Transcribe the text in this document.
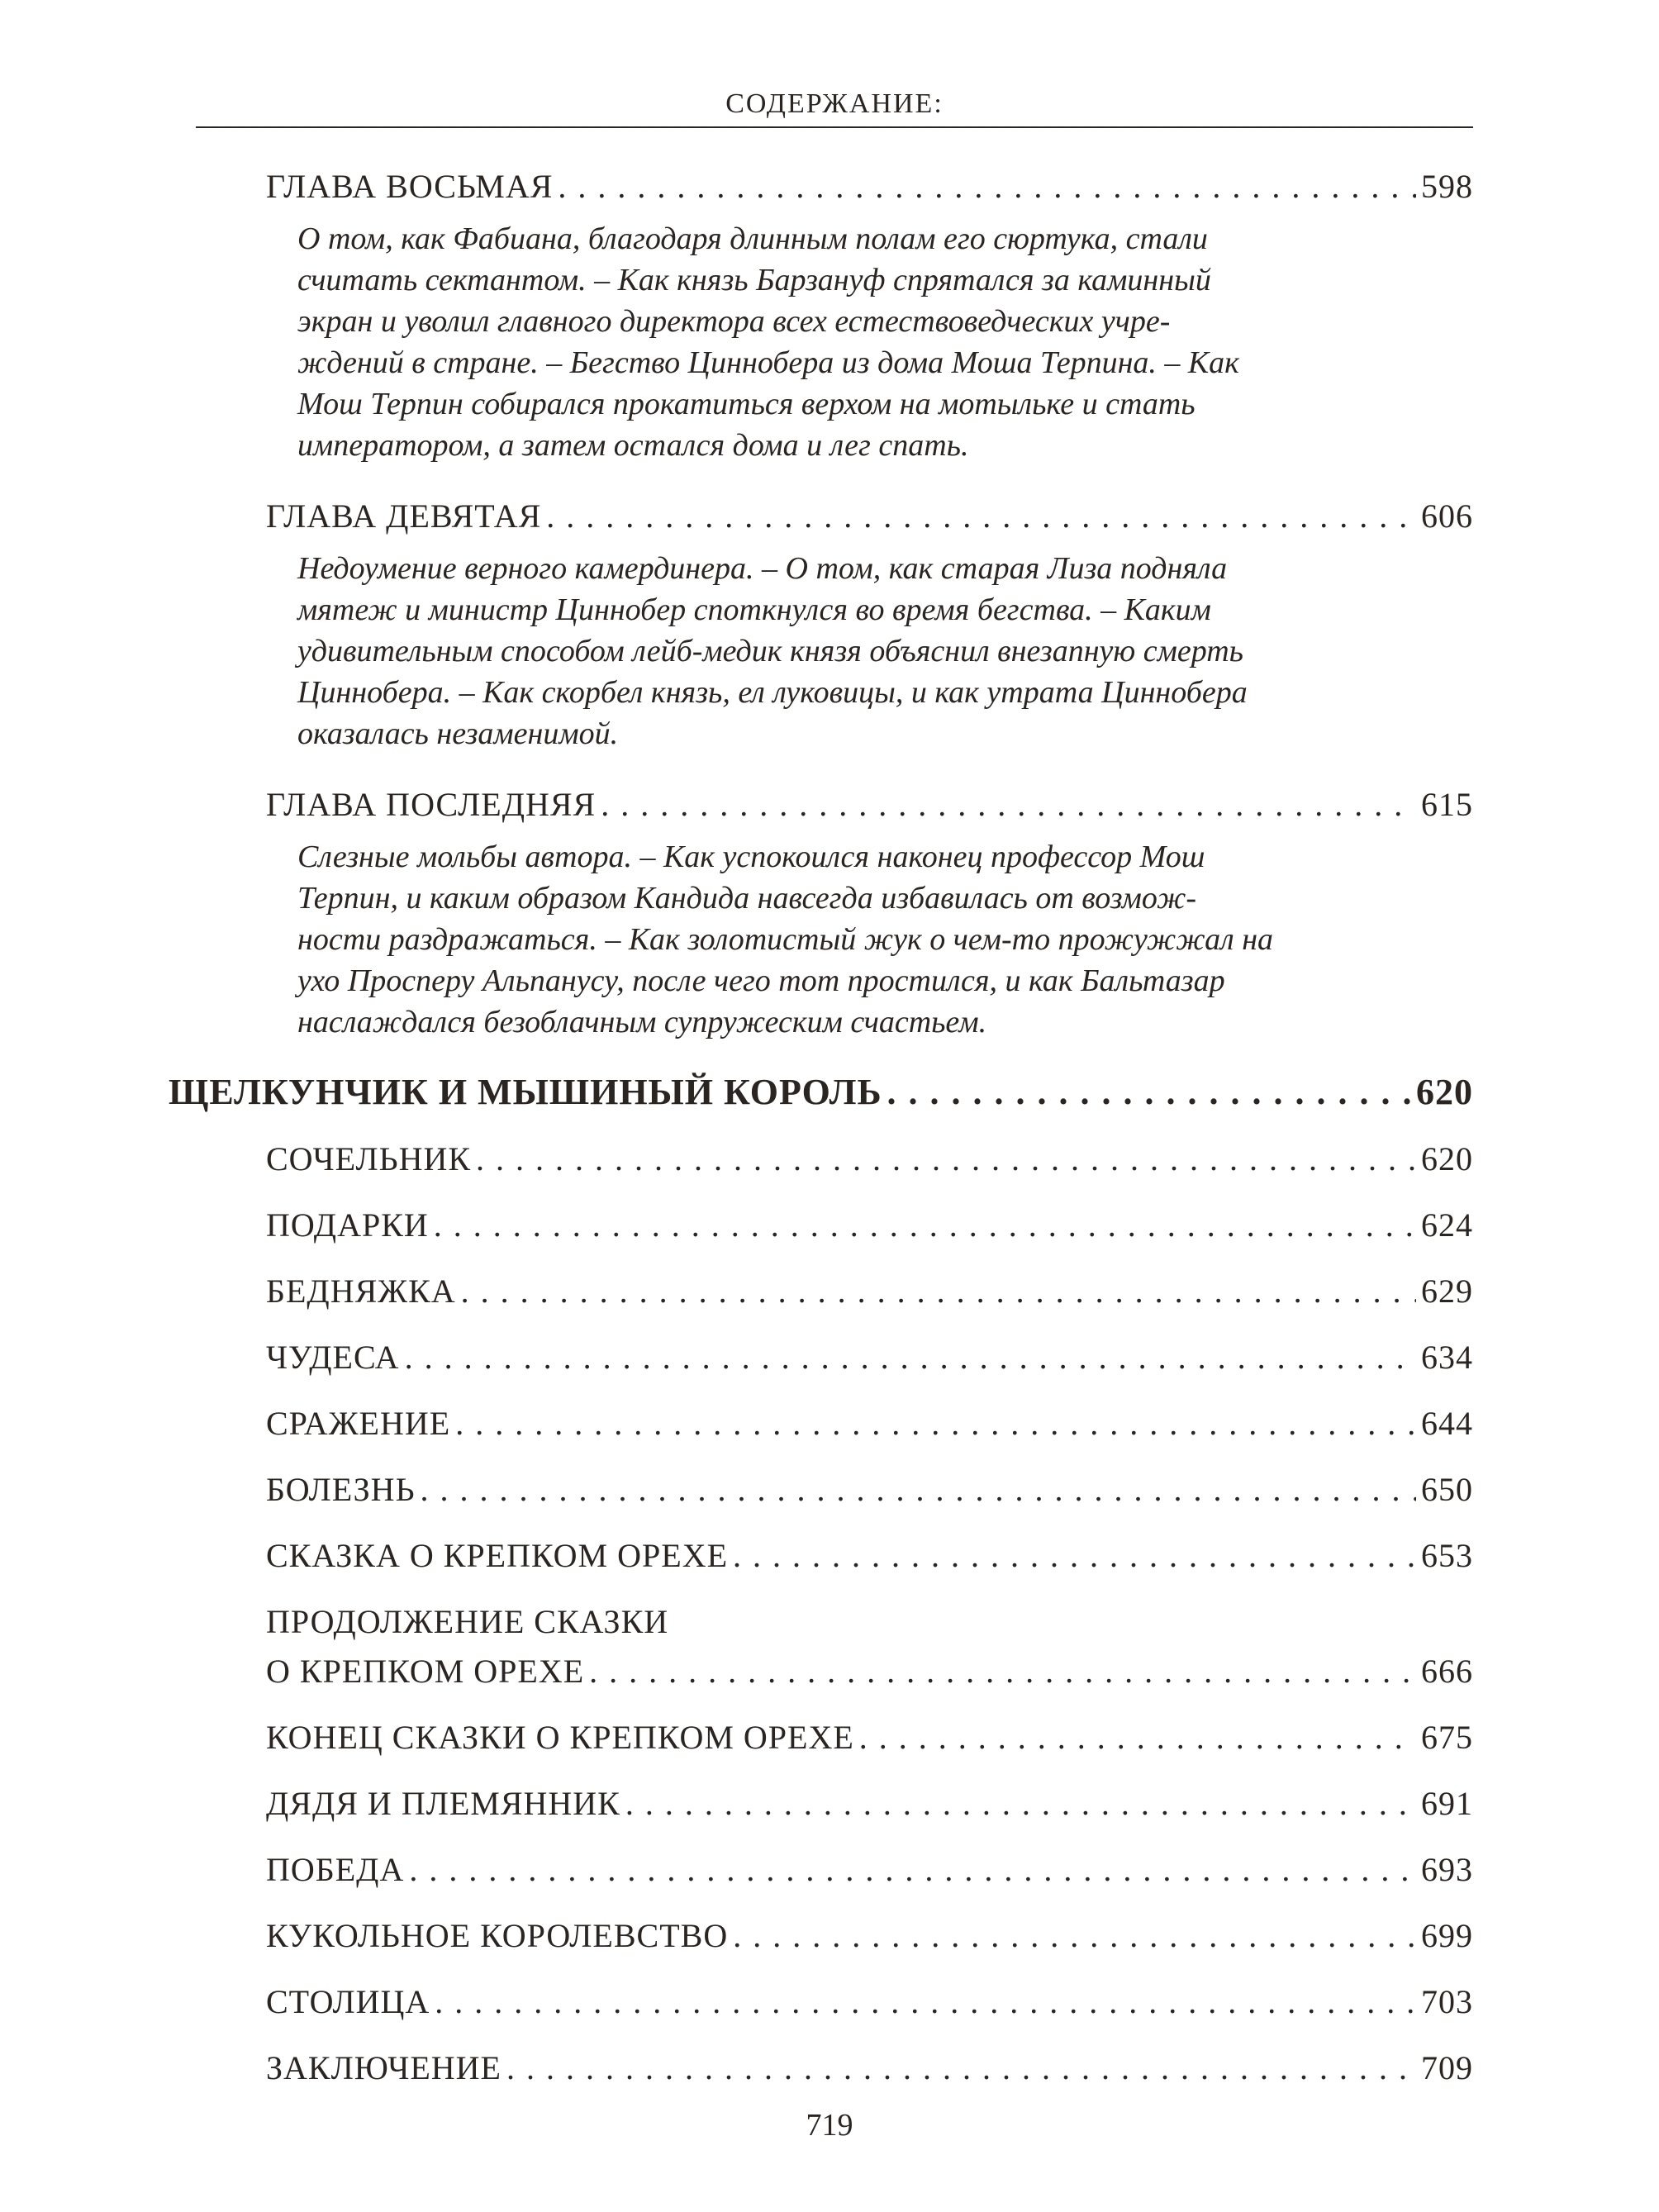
СОДЕРЖАНИЕ:
ГЛАВА ВОСЬМАЯ . . .	598
О том, как Фабиана, благодаря длинным полам его сюртука, стали
считать сектантом. – Как князь Барзануф спрятался за каминный
экран и уволил главного директора всех естествоведческих учре-
ждений в стране. – Бегство Циннобера из дома Моша Терпина. – Как
Мош Терпин собирался прокатиться верхом на мотыльке и стать
императором, а затем остался дома и лег спать.
ГЛАВА ДЕВЯТАЯ . . .	606
Недоумение верного камердинера. – О том, как старая Лиза подняла
мятеж и министр Циннобер споткнулся во время бегства. – Каким
удивительным способом лейб-медик князя объяснил внезапную смерть
Циннобера. – Как скорбел князь, ел луковицы, и как утрата Циннобера
оказалась незаменимой.
ГЛАВА ПОСЛЕДНЯЯ . . .	615
Слезные мольбы автора. – Как успокоился наконец профессор Мош
Терпин, и каким образом Кандида навсегда избавилась от возмож-
ности раздражаться. – Как золотистый жук о чем-то прожужжал на
ухо Просперу Альпанусу, после чего тот простился, и как Бальтазар
наслаждался безоблачным супружеским счастьем.
ЩЕЛКУНЧИК И МЫШИНЫЙ КОРОЛЬ . . .	620
СОЧЕЛЬНИК . . .	620
ПОДАРКИ . . .	624
БЕДНЯЖКА . . .	629
ЧУДЕСА . . .	634
СРАЖЕНИЕ . . .	644
БОЛЕЗНЬ . . .	650
СКАЗКА О КРЕПКОМ ОРЕХЕ . . .	653
ПРОДОЛЖЕНИЕ СКАЗКИ
О КРЕПКОМ ОРЕХЕ . . .	666
КОНЕЦ СКАЗКИ О КРЕПКОМ ОРЕХЕ . . .	675
ДЯДЯ И ПЛЕМЯННИК . . .	691
ПОБЕДА . . .	693
КУКОЛЬНОЕ КОРОЛЕВСТВО . . .	699
СТОЛИЦА . . .	703
ЗАКЛЮЧЕНИЕ . . .	709
719
